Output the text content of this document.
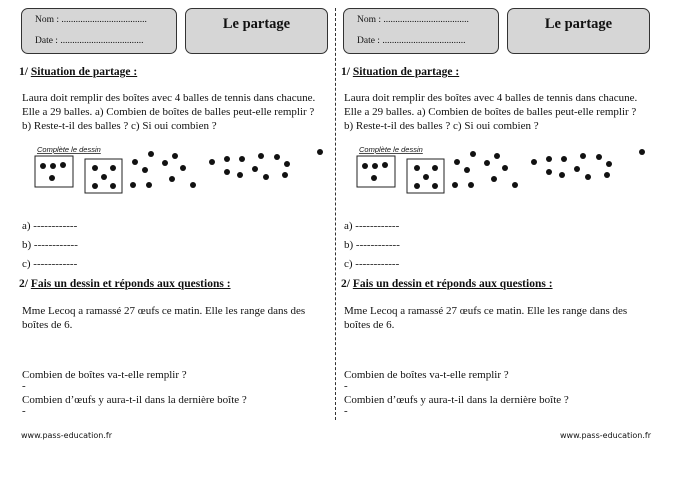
Nom : ....................................
Date : ...................................
Le partage
1/ Situation de partage :
Laura doit remplir des boîtes avec 4 balles de tennis dans chacune.
Elle a 29 balles. a) Combien de boîtes de balles peut-elle remplir ?
b) Reste-t-il des balles ? c) Si oui combien ?
Complète le dessin
a) ------------
b) ------------
c) ------------
2/ Fais un dessin et réponds aux questions :
Mme Lecoq a ramassé 27 œufs ce matin. Elle les range dans des
boîtes de 6.
Combien de boîtes va-t-elle remplir ?
-
Combien d’œufs y aura-t-il dans la dernière boîte ?
-
www.pass-education.fr
Nom : ....................................
Date : ...................................
Le partage
1/ Situation de partage :
Laura doit remplir des boîtes avec 4 balles de tennis dans chacune.
Elle a 29 balles. a) Combien de boîtes de balles peut-elle remplir ?
b) Reste-t-il des balles ? c) Si oui combien ?
Complète le dessin
a) ------------
b) ------------
c) ------------
2/ Fais un dessin et réponds aux questions :
Mme Lecoq a ramassé 27 œufs ce matin. Elle les range dans des
boîtes de 6.
Combien de boîtes va-t-elle remplir ?
-
Combien d’œufs y aura-t-il dans la dernière boîte ?
-
www.pass-education.fr
